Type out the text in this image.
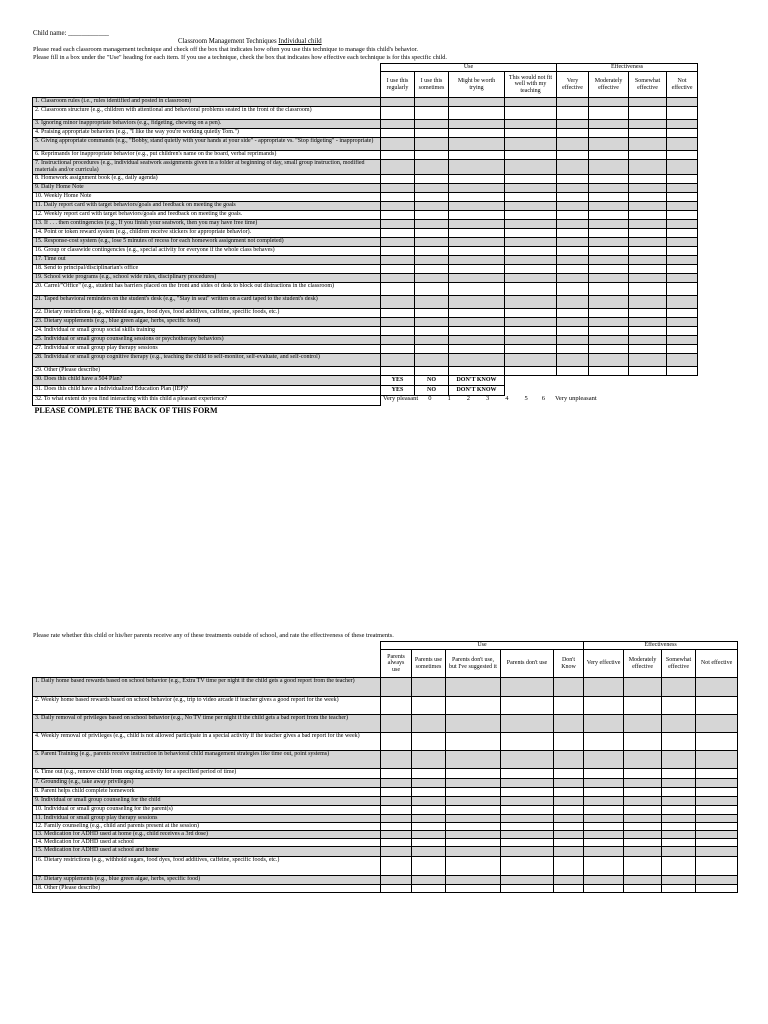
Child name: ____________
Classroom Management Techniques Individual child
Please read each classroom management technique and check off the box that indicates how often you use this technique to manage this child's behavior.
Please fill in a box under the "Use" heading for each item. If you use a technique, check the box that indicates how effective each technique is for this specific child.
	Use				Effectiveness			
	I use this regularly	I use this sometimes	Might be worth trying	This would not fit well with my teaching	Very effective	Moderately effective	Somewhat effective	Not effective
1. Classroom rules (i.e., rules identified and posted in classroom)								
2. Classroom structure (e.g., children with attentional and behavioral problems seated in the front of the classroom)								
3. Ignoring minor inappropriate behaviors (e.g., fidgeting, chewing on a pen).								
4. Praising appropriate behaviors (e.g., "I like the way you're working quietly Tom.")								
5. Giving appropriate commands (e.g., "Bobby, stand quietly with your hands at your side" - appropriate vs. "Stop fidgeting" - inappropriate)								
6. Reprimands for inappropriate behavior (e.g., put children's name on the board, verbal reprimands)								
7. Instructional procedures (e.g., individual seatwork assignments given in a folder at beginning of day, small group instruction, modified materials and/or curricula)								
8. Homework assignment book (e.g., daily agenda)								
9. Daily Home Note								
10. Weekly Home Note								
11. Daily report card with target behaviors/goals and feedback on meeting the goals								
12. Weekly report card with target behaviors/goals and feedback on meeting the goals.								
13. If . . . then contingencies (e.g., If you finish your seatwork, then you may have free time)								
14. Point or token reward system (e.g., children receive stickers for appropriate behavior).								
15. Response-cost system (e.g., lose 5 minutes of recess for each homework assignment not completed)								
16. Group or classwide contingencies (e.g., special activity for everyone if the whole class behaves)								
17. Time out								
18. Send to principal/disciplinarian's office								
19. School wide programs (e.g., school wide rules, disciplinary procedures)								
20. Carrel/"Office" (e.g., student has barriers placed on the front and sides of desk to block out distractions in the classroom)								
21. Taped behavioral reminders on the student's desk (e.g., "Stay in seat" written on a card taped to the student's desk)								
22. Dietary restrictions (e.g., withhold sugars, food dyes, food additives, caffeine, specific foods, etc.)								
23. Dietary supplements (e.g., blue green algae, herbs, specific food)								
24. Individual or small group social skills training								
25. Individual or small group counseling sessions or psychotherapy behaviors)								
27. Individual or small group play therapy sessions								
28. Individual or small group cognitive therapy (e.g., teaching the child to self-monitor, self-evaluate, and self-control)								
29. Other (Please describe)								
30. Does this child have a 504 Plan?	YES	NO	DON'T KNOW					
31. Does this child have a Individualized Education Plan (IEP)?	YES	NO	DON'T KNOW					
32. To what extent do you find interacting with this child a pleasant experience?	Very pleasant 0 1 2 3 4 5 6 Very unpleasant							
PLEASE COMPLETE THE BACK OF THIS FORM								
Please rate whether this child or his/her parents receive any of these treatments outside of school, and rate the effectiveness of these treatments.
	Use					Effectiveness			
	Parents always use	Parents use sometimes	Parents don't use, but I've suggested it	Parents don't use	Don't Know	Very effective	Moderately effective	Somewhat effective	Not effective
1. Daily home based rewards based on school behavior (e.g., Extra TV time per night if the child gets a good report from the teacher)									
2. Weekly home based rewards based on school behavior (e.g., trip to video arcade if teacher gives a good report for the week)									
3. Daily removal of privileges based on school behavior (e.g., No TV time per night if the child gets a bad report from the teacher)									
4. Weekly removal of privileges (e.g., child is not allowed participate in a special activity if the teacher gives a bad report for the week)									
5. Parent Training (e.g., parents receive instruction in behavioral child management strategies like time out, point systems)									
6. Time out (e.g., remove child from ongoing activity for a specified period of time)									
7. Grounding (e.g., take away privileges)									
8. Parent helps child complete homework									
9. Individual or small group counseling for the child									
10. Individual or small group counseling for the parent(s)									
11. Individual or small group play therapy sessions									
12. Family counseling (e.g., child and parents present at the session)									
13. Medication for ADHD used at home (e.g., child receives a 3rd dose)									
14. Medication for ADHD used at school									
15. Medication for ADHD used at school and home									
16. Dietary restrictions (e.g., withhold sugars, food dyes, food additives, caffeine, specific foods, etc.)									
17. Dietary supplements (e.g., blue green algae, herbs, specific food)									
18. Other (Please describe)									
